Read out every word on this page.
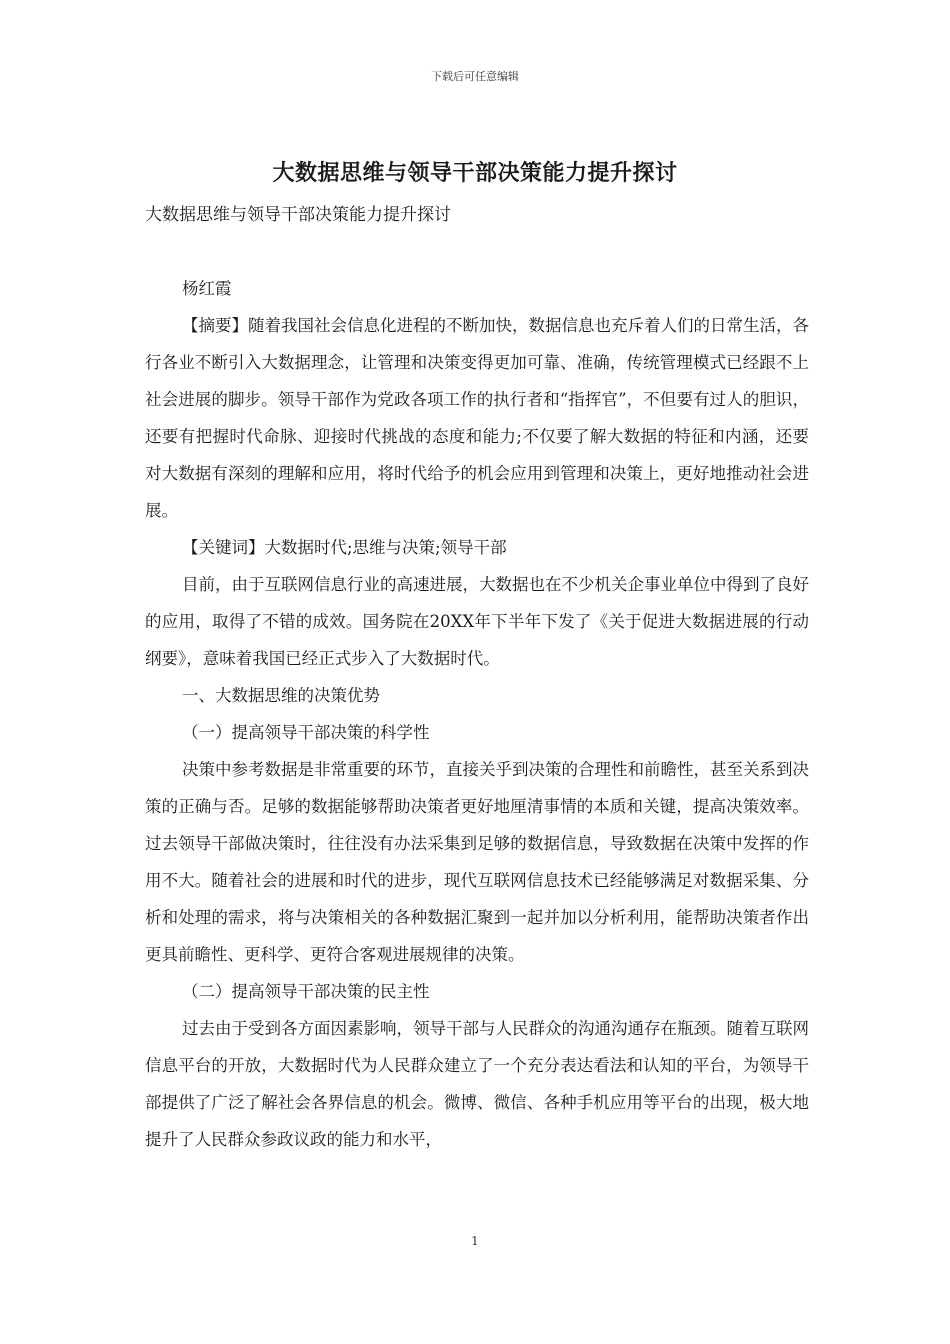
下载后可任意编辑
大数据思维与领导干部决策能力提升探讨
大数据思维与领导干部决策能力提升探讨

杨红霞

【摘要】随着我国社会信息化进程的不断加快，数据信息也充斥着人们的日常生活，各行各业不断引入大数据理念，让管理和决策变得更加可靠、准确，传统管理模式已经跟不上社会进展的脚步。领导干部作为党政各项工作的执行者和“指挥官”，不但要有过人的胆识，还要有把握时代命脉、迎接时代挑战的态度和能力;不仅要了解大数据的特征和内涵，还要对大数据有深刻的理解和应用，将时代给予的机会应用到管理和决策上，更好地推动社会进展。

【关键词】大数据时代;思维与决策;领导干部

目前，由于互联网信息行业的高速进展，大数据也在不少机关企事业单位中得到了良好的应用，取得了不错的成效。国务院在20XX年下半年下发了《关于促进大数据进展的行动纲要》，意味着我国已经正式步入了大数据时代。

一、大数据思维的决策优势

（一）提高领导干部决策的科学性

决策中参考数据是非常重要的环节，直接关乎到决策的合理性和前瞻性，甚至关系到决策的正确与否。足够的数据能够帮助决策者更好地厘清事情的本质和关键，提高决策效率。过去领导干部做决策时，往往没有办法采集到足够的数据信息，导致数据在决策中发挥的作用不大。随着社会的进展和时代的进步，现代互联网信息技术已经能够满足对数据采集、分析和处理的需求，将与决策相关的各种数据汇聚到一起并加以分析利用，能帮助决策者作出更具前瞻性、更科学、更符合客观进展规律的决策。

（二）提高领导干部决策的民主性

过去由于受到各方面因素影响，领导干部与人民群众的沟通沟通存在瓶颈。随着互联网信息平台的开放，大数据时代为人民群众建立了一个充分表达看法和认知的平台，为领导干部提供了广泛了解社会各界信息的机会。微博、微信、各种手机应用等平台的出现，极大地提升了人民群众参政议政的能力和水平，

1
